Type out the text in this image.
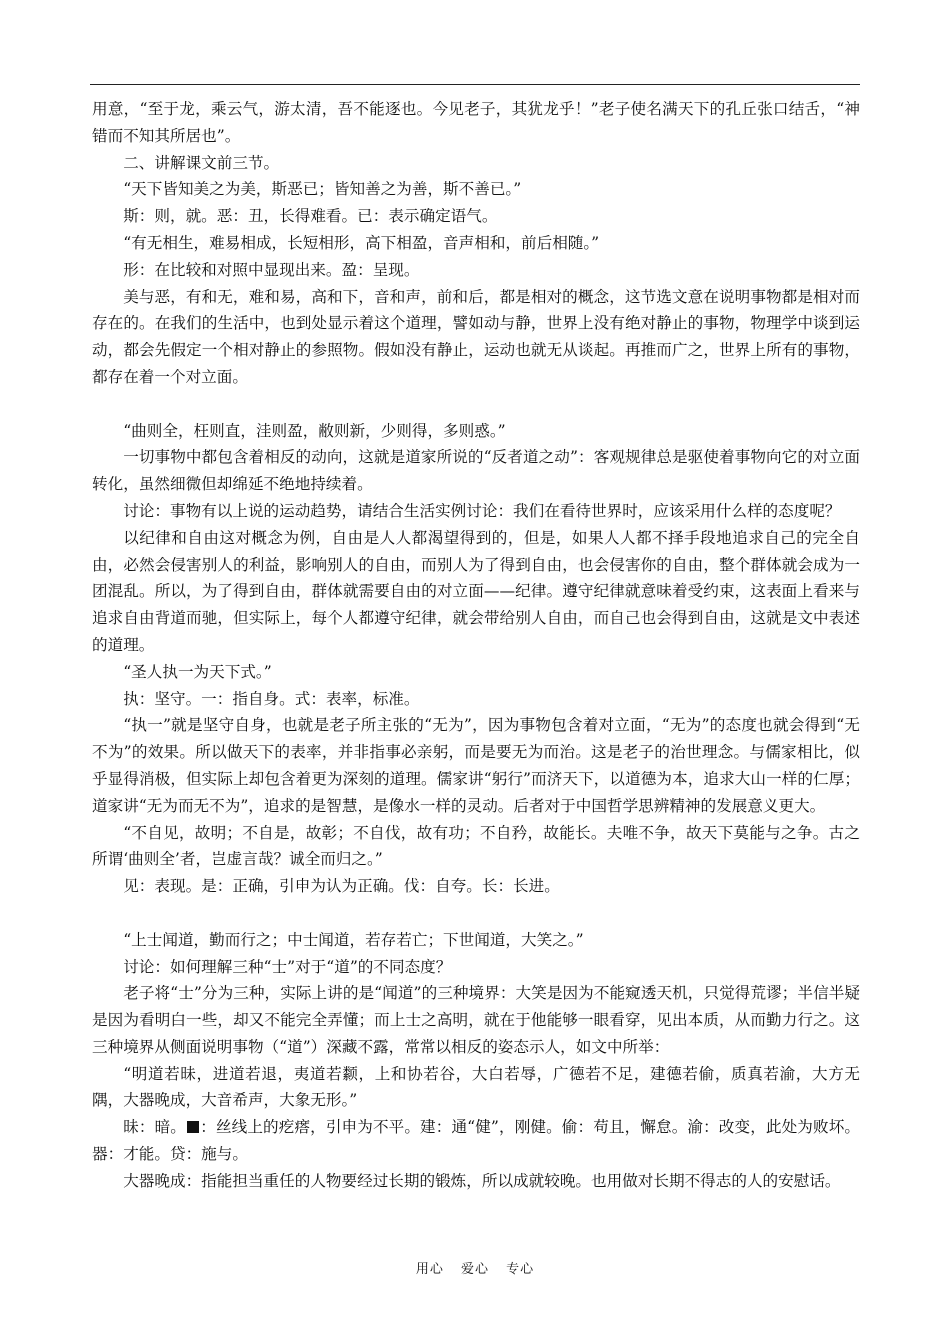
用意，“至于龙，乘云气，游太清，吾不能逐也。今见老子，其犹龙乎！”老子使名满天下的孔丘张口结舌，“神错而不知其所居也”。

二、讲解课文前三节。

“天下皆知美之为美，斯恶已；皆知善之为善，斯不善已。”

斯：则，就。恶：丑，长得难看。已：表示确定语气。

“有无相生，难易相成，长短相形，高下相盈，音声相和，前后相随。”

形：在比较和对照中显现出来。盈：呈现。

美与恶，有和无，难和易，高和下，音和声，前和后，都是相对的概念，这节选文意在说明事物都是相对而存在的。在我们的生活中，也到处显示着这个道理，譬如动与静，世界上没有绝对静止的事物，物理学中谈到运动，都会先假定一个相对静止的参照物。假如没有静止，运动也就无从谈起。再推而广之，世界上所有的事物，都存在着一个对立面。

“曲则全，枉则直，洼则盈，敝则新，少则得，多则惑。”

一切事物中都包含着相反的动向，这就是道家所说的“反者道之动”：客观规律总是驱使着事物向它的对立面转化，虽然细微但却绵延不绝地持续着。

讨论：事物有以上说的运动趋势，请结合生活实例讨论：我们在看待世界时，应该采用什么样的态度呢？

以纪律和自由这对概念为例，自由是人人都渴望得到的，但是，如果人人都不择手段地追求自己的完全自由，必然会侵害别人的利益，影响别人的自由，而别人为了得到自由，也会侵害你的自由，整个群体就会成为一团混乱。所以，为了得到自由，群体就需要自由的对立面——纪律。遵守纪律就意味着受约束，这表面上看来与追求自由背道而驰，但实际上，每个人都遵守纪律，就会带给别人自由，而自己也会得到自由，这就是文中表述的道理。

“圣人执一为天下式。”

执：坚守。一：指自身。式：表率，标准。

“执一”就是坚守自身，也就是老子所主张的“无为”，因为事物包含着对立面，“无为”的态度也就会得到“无不为”的效果。所以做天下的表率，并非指事必亲躬，而是要无为而治。这是老子的治世理念。与儒家相比，似乎显得消极，但实际上却包含着更为深刻的道理。儒家讲“躬行”而济天下，以道德为本，追求大山一样的仁厚；道家讲“无为而无不为”，追求的是智慧，是像水一样的灵动。后者对于中国哲学思辨精神的发展意义更大。

“不自见，故明；不自是，故彰；不自伐，故有功；不自矜，故能长。夫唯不争，故天下莫能与之争。古之所谓‘曲则全’者，岂虚言哉？诚全而归之。”

见：表现。是：正确，引申为认为正确。伐：自夸。长：长进。

“上士闻道，勤而行之；中士闻道，若存若亡；下世闻道，大笑之。”

讨论：如何理解三种“士”对于“道”的不同态度？

老子将“士”分为三种，实际上讲的是“闻道”的三种境界：大笑是因为不能窥透天机，只觉得荒谬；半信半疑是因为看明白一些，却又不能完全弄懂；而上士之高明，就在于他能够一眼看穿，见出本质，从而勤力行之。这三种境界从侧面说明事物（“道”）深藏不露，常常以相反的姿态示人，如文中所举：

“明道若昧，进道若退，夷道若颣，上和协若谷，大白若辱，广德若不足，建德若偷，质真若渝，大方无隅，大器晚成，大音希声，大象无形。”

昧：暗。 ：丝线上的疙瘩，引申为不平。建：通“健”，刚健。偷：苟且，懈怠。渝：改变，此处为败坏。器：才能。贷：施与。

大器晚成：指能担当重任的人物要经过长期的锻炼，所以成就较晚。也用做对长期不得志的人的安慰话。

用心 爱心 专心
